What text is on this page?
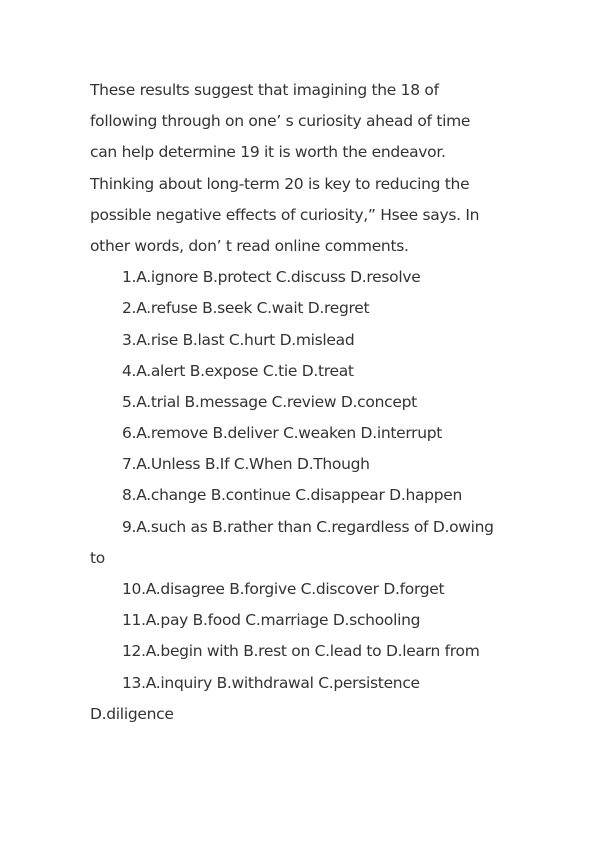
These results suggest that imagining the 18 of
following through on one’ s curiosity ahead of time
can help determine 19 it is worth the endeavor.
Thinking about long-term 20 is key to reducing the
possible negative effects of curiosity,” Hsee says. In
other words, don’ t read online comments.
1.A.ignore B.protect C.discuss D.resolve
2.A.refuse B.seek C.wait D.regret
3.A.rise B.last C.hurt D.mislead
4.A.alert B.expose C.tie D.treat
5.A.trial B.message C.review D.concept
6.A.remove B.deliver C.weaken D.interrupt
7.A.Unless B.If C.When D.Though
8.A.change B.continue C.disappear D.happen
9.A.such as B.rather than C.regardless of D.owing
to
10.A.disagree B.forgive C.discover D.forget
11.A.pay B.food C.marriage D.schooling
12.A.begin with B.rest on C.lead to D.learn from
13.A.inquiry B.withdrawal C.persistence
D.diligence
